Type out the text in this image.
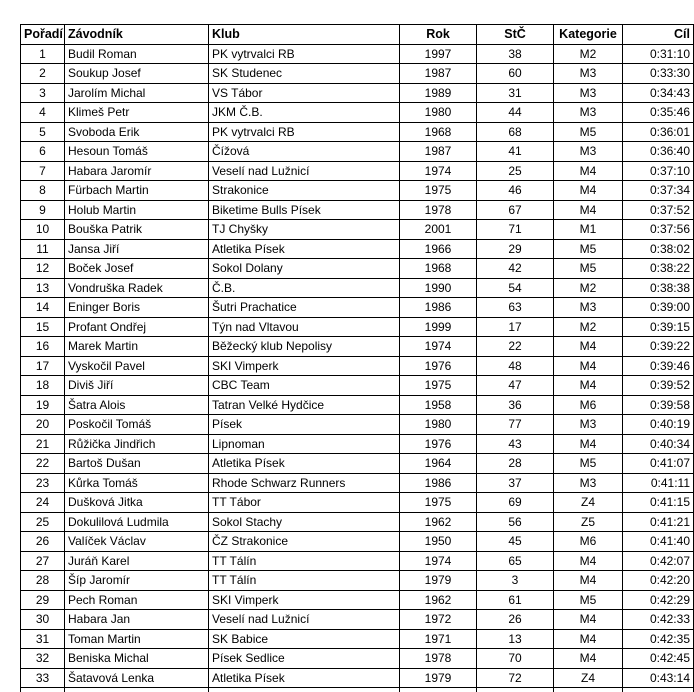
Pořadí	Závodník	Klub	Rok	StČ	Kategorie	Cíl
1	Budil Roman	PK vytrvalci RB	1997	38	M2	0:31:10
2	Soukup Josef	SK Studenec	1987	60	M3	0:33:30
3	Jarolím Michal	VS Tábor	1989	31	M3	0:34:43
4	Klimeš Petr	JKM Č.B.	1980	44	M3	0:35:46
5	Svoboda Erik	PK vytrvalci RB	1968	68	M5	0:36:01
6	Hesoun Tomáš	Čížová	1987	41	M3	0:36:40
7	Habara Jaromír	Veselí nad Lužnicí	1974	25	M4	0:37:10
8	Fürbach Martin	Strakonice	1975	46	M4	0:37:34
9	Holub Martin	Biketime Bulls Písek	1978	67	M4	0:37:52
10	Bouška Patrik	TJ Chyšky	2001	71	M1	0:37:56
11	Jansa Jiří	Atletika Písek	1966	29	M5	0:38:02
12	Boček Josef	Sokol Dolany	1968	42	M5	0:38:22
13	Vondruška Radek	Č.B.	1990	54	M2	0:38:38
14	Eninger Boris	Šutri Prachatice	1986	63	M3	0:39:00
15	Profant Ondřej	Týn nad Vltavou	1999	17	M2	0:39:15
16	Marek Martin	Běžecký klub Nepolisy	1974	22	M4	0:39:22
17	Vyskočil Pavel	SKI Vimperk	1976	48	M4	0:39:46
18	Diviš Jiří	CBC Team	1975	47	M4	0:39:52
19	Šatra Alois	Tatran Velké Hydčice	1958	36	M6	0:39:58
20	Poskočil Tomáš	Písek	1980	77	M3	0:40:19
21	Růžička Jindřich	Lipnoman	1976	43	M4	0:40:34
22	Bartoš Dušan	Atletika Písek	1964	28	M5	0:41:07
23	Kůrka Tomáš	Rhode Schwarz Runners	1986	37	M3	0:41:11
24	Dušková Jitka	TT Tábor	1975	69	Z4	0:41:15
25	Dokulilová Ludmila	Sokol Stachy	1962	56	Z5	0:41:21
26	Valíček Václav	ČZ Strakonice	1950	45	M6	0:41:40
27	Juráň Karel	TT Tálín	1974	65	M4	0:42:07
28	Šíp Jaromír	TT Tálín	1979	3	M4	0:42:20
29	Pech Roman	SKI Vimperk	1962	61	M5	0:42:29
30	Habara Jan	Veselí nad Lužnicí	1972	26	M4	0:42:33
31	Toman Martin	SK Babice	1971	13	M4	0:42:35
32	Beniska Michal	Písek Sedlice	1978	70	M4	0:42:45
33	Šatavová Lenka	Atletika Písek	1979	72	Z4	0:43:14
